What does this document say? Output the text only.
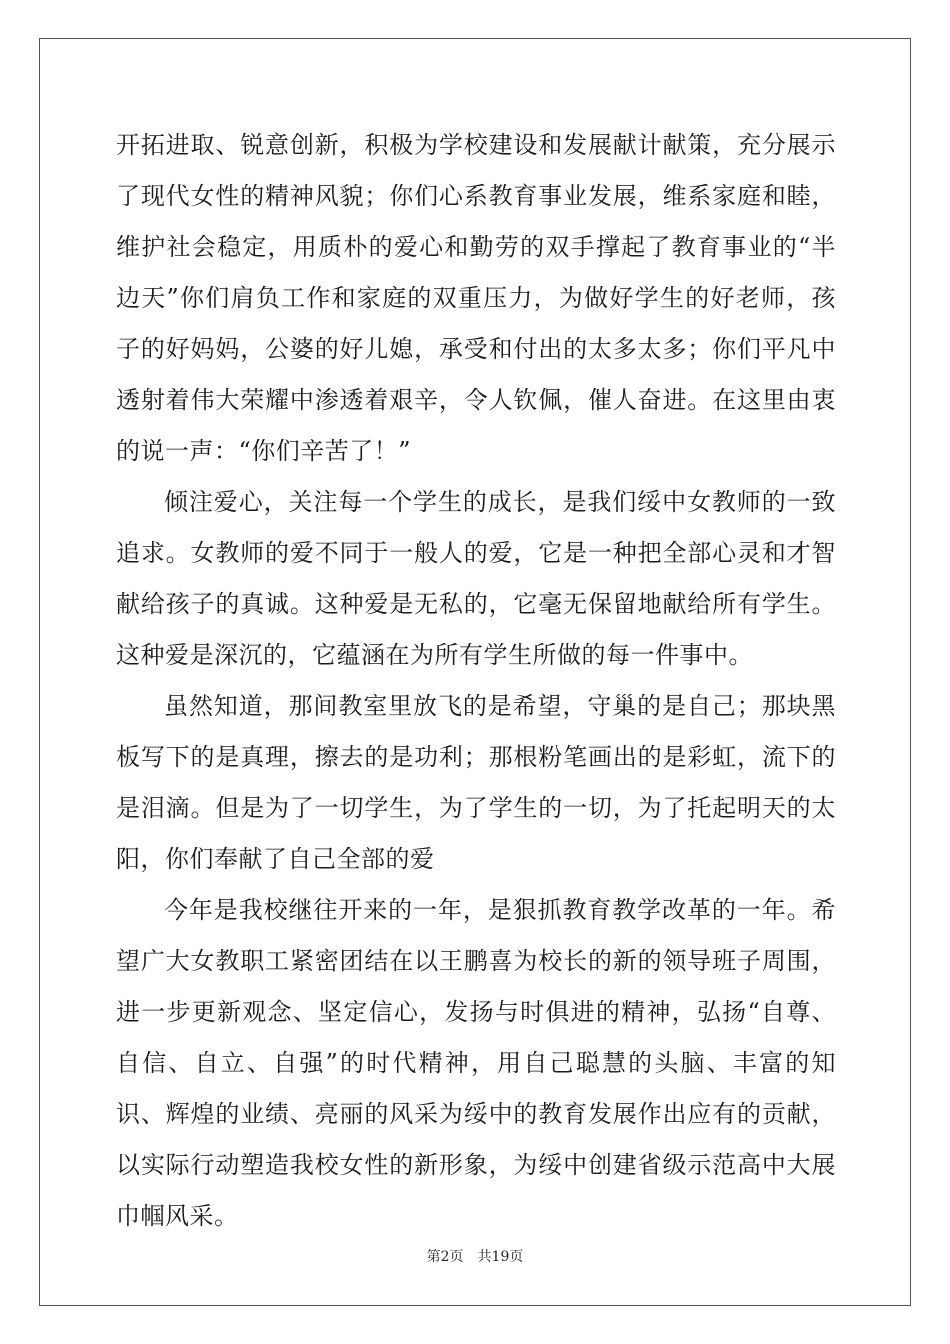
开拓进取、锐意创新，积极为学校建设和发展献计献策，充分展示了现代女性的精神风貌；你们心系教育事业发展，维系家庭和睦，维护社会稳定，用质朴的爱心和勤劳的双手撑起了教育事业的“半边天”你们肩负工作和家庭的双重压力，为做好学生的好老师，孩子的好妈妈，公婆的好儿媳，承受和付出的太多太多；你们平凡中透射着伟大荣耀中渗透着艰辛，令人钦佩，催人奋进。在这里由衷的说一声：“你们辛苦了！”

倾注爱心，关注每一个学生的成长，是我们绥中女教师的一致追求。女教师的爱不同于一般人的爱，它是一种把全部心灵和才智献给孩子的真诚。这种爱是无私的，它毫无保留地献给所有学生。这种爱是深沉的，它蕴涵在为所有学生所做的每一件事中。

虽然知道，那间教室里放飞的是希望，守巢的是自己；那块黑板写下的是真理，擦去的是功利；那根粉笔画出的是彩虹，流下的是泪滴。但是为了一切学生，为了学生的一切，为了托起明天的太阳，你们奉献了自己全部的爱

今年是我校继往开来的一年，是狠抓教育教学改革的一年。希望广大女教职工紧密团结在以王鹏喜为校长的新的领导班子周围，进一步更新观念、坚定信心，发扬与时俱进的精神，弘扬“自尊、自信、自立、自强”的时代精神，用自己聪慧的头脑、丰富的知识、辉煌的业绩、亮丽的风采为绥中的教育发展作出应有的贡献，以实际行动塑造我校女性的新形象，为绥中创建省级示范高中大展巾帼风采。

第2页　共19页
